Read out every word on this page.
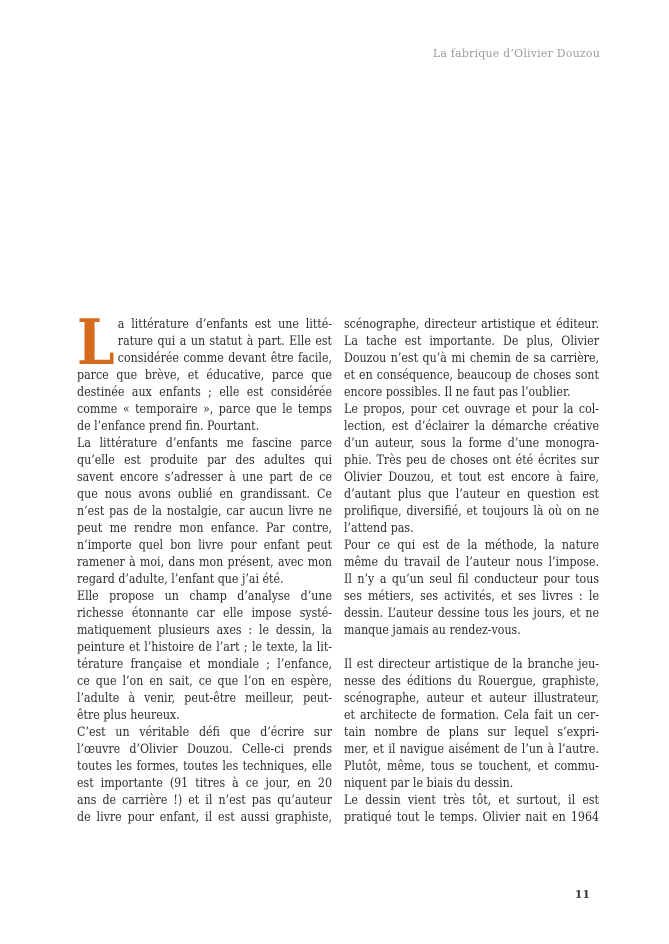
La fabrique d’Olivier Douzou
L a littérature d’enfants est une litté-
rature qui a un statut à part. Elle est
considérée comme devant être facile,
parce que brève, et éducative, parce que
destinée aux enfants ; elle est considérée
comme « temporaire », parce que le temps
de l’enfance prend fin. Pourtant.
La littérature d’enfants me fascine parce
qu’elle est produite par des adultes qui
savent encore s’adresser à une part de ce
que nous avons oublié en grandissant. Ce
n’est pas de la nostalgie, car aucun livre ne
peut me rendre mon enfance. Par contre,
n’importe quel bon livre pour enfant peut
ramener à moi, dans mon présent, avec mon
regard d’adulte, l’enfant que j’ai été.
Elle propose un champ d’analyse d’une
richesse étonnante car elle impose systé-
matiquement plusieurs axes : le dessin, la
peinture et l’histoire de l’art ; le texte, la lit-
térature française et mondiale ; l’enfance,
ce que l’on en sait, ce que l’on en espère,
l’adulte à venir, peut-être meilleur, peut-
être plus heureux.
C’est un véritable défi que d’écrire sur
l’œuvre d’Olivier Douzou. Celle-ci prends
toutes les formes, toutes les techniques, elle
est importante (91 titres à ce jour, en 20
ans de carrière !) et il n’est pas qu’auteur
de livre pour enfant, il est aussi graphiste,
scénographe, directeur artistique et éditeur.
La tache est importante. De plus, Olivier
Douzou n’est qu’à mi chemin de sa carrière,
et en conséquence, beaucoup de choses sont
encore possibles. Il ne faut pas l’oublier.
Le propos, pour cet ouvrage et pour la col-
lection, est d’éclairer la démarche créative
d’un auteur, sous la forme d’une monogra-
phie. Très peu de choses ont été écrites sur
Olivier Douzou, et tout est encore à faire,
d’autant plus que l’auteur en question est
prolifique, diversifié, et toujours là où on ne
l’attend pas.
Pour ce qui est de la méthode, la nature
même du travail de l’auteur nous l’impose.
Il n’y a qu’un seul fil conducteur pour tous
ses métiers, ses activités, et ses livres : le
dessin. L’auteur dessine tous les jours, et ne
manque jamais au rendez-vous.
Il est directeur artistique de la branche jeu-
nesse des éditions du Rouergue, graphiste,
scénographe, auteur et auteur illustrateur,
et architecte de formation. Cela fait un cer-
tain nombre de plans sur lequel s’expri-
mer, et il navigue aisément de l’un à l’autre.
Plutôt, même, tous se touchent, et commu-
niquent par le biais du dessin.
Le dessin vient très tôt, et surtout, il est
pratiqué tout le temps. Olivier nait en 1964
11
